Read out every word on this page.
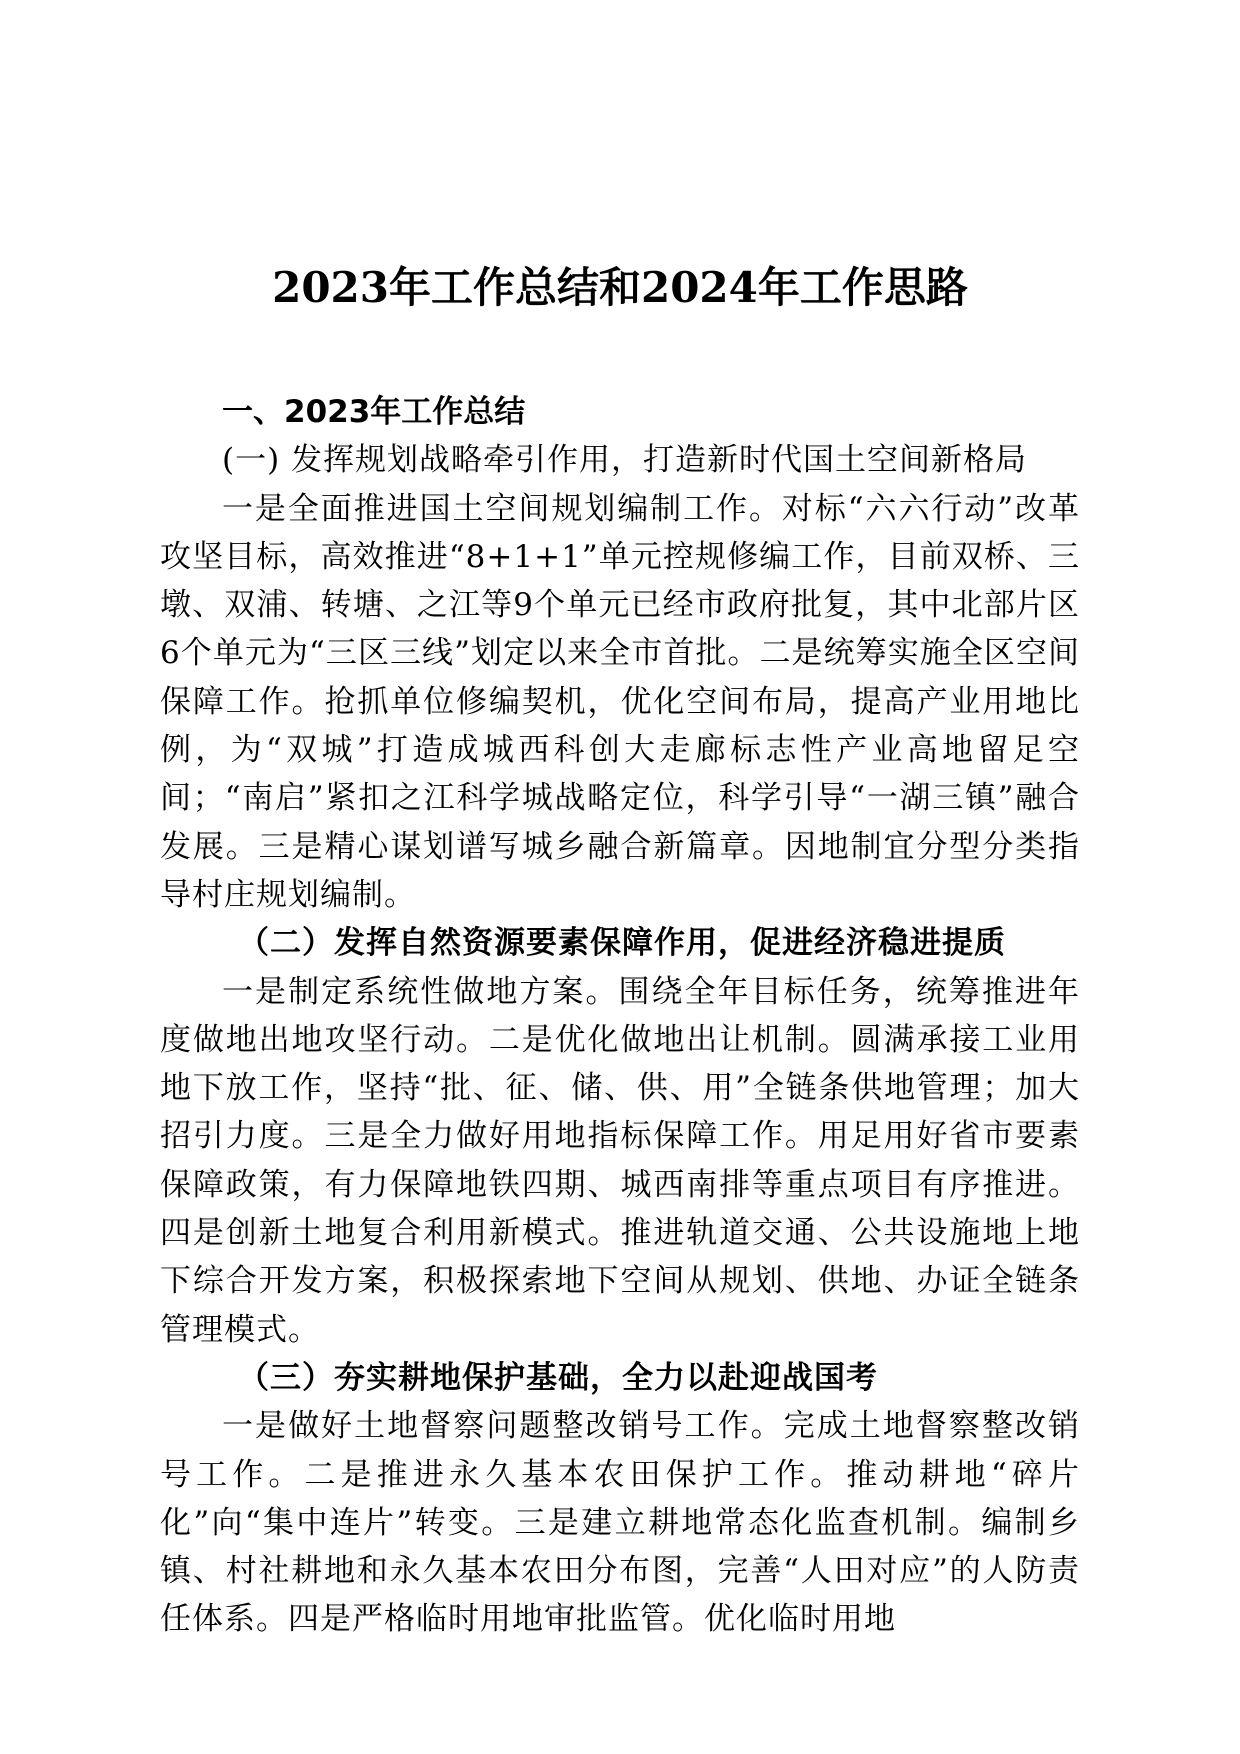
2023年工作总结和2024年工作思路

一、2023年工作总结

(一) 发挥规划战略牵引作用，打造新时代国土空间新格局

一是全面推进国土空间规划编制工作。对标“六六行动”改革攻坚目标，高效推进“8+1+1”单元控规修编工作，目前双桥、三墩、双浦、转塘、之江等9个单元已经市政府批复，其中北部片区6个单元为“三区三线”划定以来全市首批。二是统筹实施全区空间保障工作。抢抓单位修编契机，优化空间布局，提高产业用地比例，为“双城”打造成城西科创大走廊标志性产业高地留足空间；“南启”紧扣之江科学城战略定位，科学引导“一湖三镇”融合发展。三是精心谋划谱写城乡融合新篇章。因地制宜分型分类指导村庄规划编制。

（二）发挥自然资源要素保障作用，促进经济稳进提质

一是制定系统性做地方案。围绕全年目标任务，统筹推进年度做地出地攻坚行动。二是优化做地出让机制。圆满承接工业用地下放工作，坚持“批、征、储、供、用”全链条供地管理；加大招引力度。三是全力做好用地指标保障工作。用足用好省市要素保障政策，有力保障地铁四期、城西南排等重点项目有序推进。四是创新土地复合利用新模式。推进轨道交通、公共设施地上地下综合开发方案，积极探索地下空间从规划、供地、办证全链条管理模式。

（三）夯实耕地保护基础，全力以赴迎战国考

一是做好土地督察问题整改销号工作。完成土地督察整改销号工作。二是推进永久基本农田保护工作。推动耕地“碎片化”向“集中连片”转变。三是建立耕地常态化监查机制。编制乡镇、村社耕地和永久基本农田分布图，完善“人田对应”的人防责任体系。四是严格临时用地审批监管。优化临时用地
